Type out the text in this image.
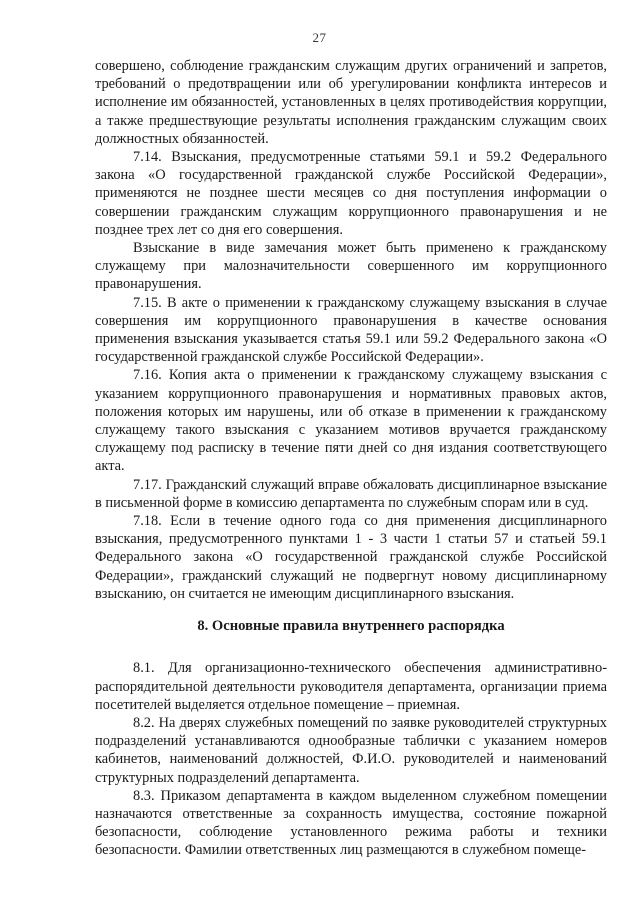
27

совершено, соблюдение гражданским служащим других ограничений и запретов, требований о предотвращении или об урегулировании конфликта интересов и исполнение им обязанностей, установленных в целях противодействия коррупции, а также предшествующие результаты исполнения гражданским служащим своих должностных обязанностей.

7.14. Взыскания, предусмотренные статьями 59.1 и 59.2 Федерального закона «О государственной гражданской службе Российской Федерации», применяются не позднее шести месяцев со дня поступления информации о совершении гражданским служащим коррупционного правонарушения и не позднее трех лет со дня его совершения.

Взыскание в виде замечания может быть применено к гражданскому служащему при малозначительности совершенного им коррупционного правонарушения.

7.15. В акте о применении к гражданскому служащему взыскания в случае совершения им коррупционного правонарушения в качестве основания применения взыскания указывается статья 59.1 или 59.2 Федерального закона «О государственной гражданской службе Российской Федерации».

7.16. Копия акта о применении к гражданскому служащему взыскания с указанием коррупционного правонарушения и нормативных правовых актов, положения которых им нарушены, или об отказе в применении к гражданскому служащему такого взыскания с указанием мотивов вручается гражданскому служащему под расписку в течение пяти дней со дня издания соответствующего акта.

7.17. Гражданский служащий вправе обжаловать дисциплинарное взыскание в письменной форме в комиссию департамента по служебным спорам или в суд.

7.18. Если в течение одного года со дня применения дисциплинарного взыскания, предусмотренного пунктами 1 - 3 части 1 статьи 57 и статьей 59.1 Федерального закона «О государственной гражданской службе Российской Федерации», гражданский служащий не подвергнут новому дисциплинарному взысканию, он считается не имеющим дисциплинарного взыскания.

8. Основные правила внутреннего распорядка

8.1. Для организационно-технического обеспечения административно-распорядительной деятельности руководителя департамента, организации приема посетителей выделяется отдельное помещение – приемная.

8.2. На дверях служебных помещений по заявке руководителей структурных подразделений устанавливаются однообразные таблички с указанием номеров кабинетов, наименований должностей, Ф.И.О. руководителей и наименований структурных подразделений департамента.

8.3. Приказом департамента в каждом выделенном служебном помещении назначаются ответственные за сохранность имущества, состояние пожарной безопасности, соблюдение установленного режима работы и техники безопасности. Фамилии ответственных лиц размещаются в служебном помеще-
